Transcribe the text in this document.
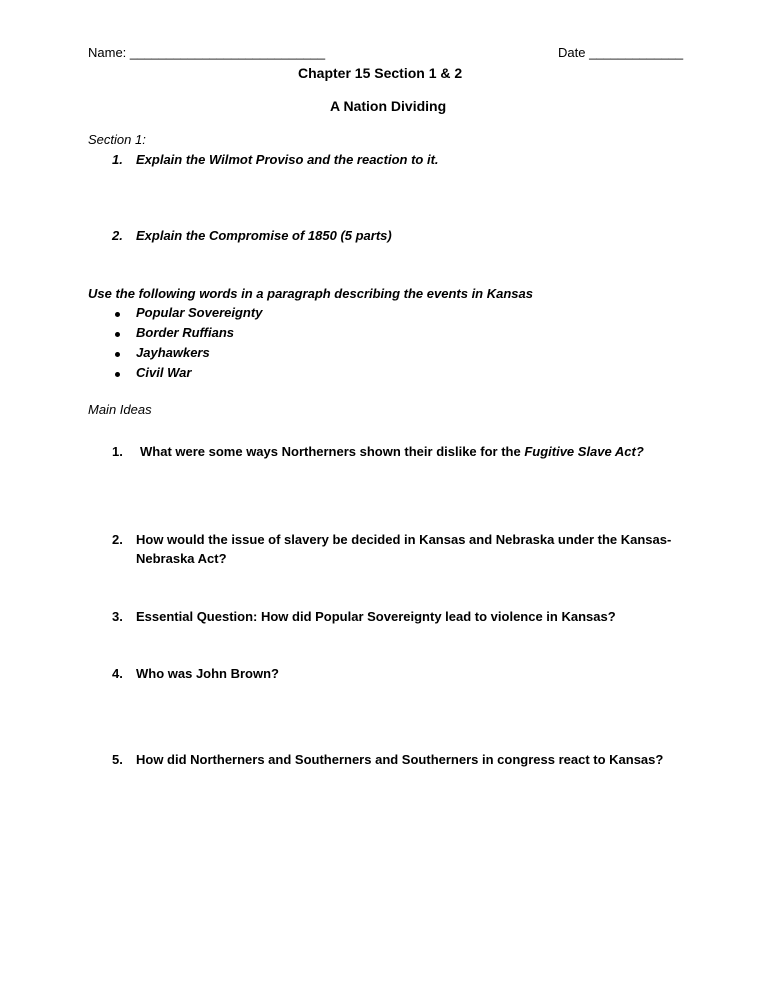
Name: ___________________________	Date _____________
Chapter 15 Section 1 & 2
A Nation Dividing
Section 1:
1. Explain the Wilmot Proviso and the reaction to it.
2. Explain the Compromise of 1850 (5 parts)
Use the following words in a paragraph describing the events in Kansas
Popular Sovereignty
Border Ruffians
Jayhawkers
Civil War
Main Ideas
1. What were some ways Northerners shown their dislike for the Fugitive Slave Act?
2. How would the issue of slavery be decided in Kansas and Nebraska under the Kansas-
Nebraska Act?
3. Essential Question: How did Popular Sovereignty lead to violence in Kansas?
4. Who was John Brown?
5. How did Northerners and Southerners and Southerners in congress react to Kansas?
